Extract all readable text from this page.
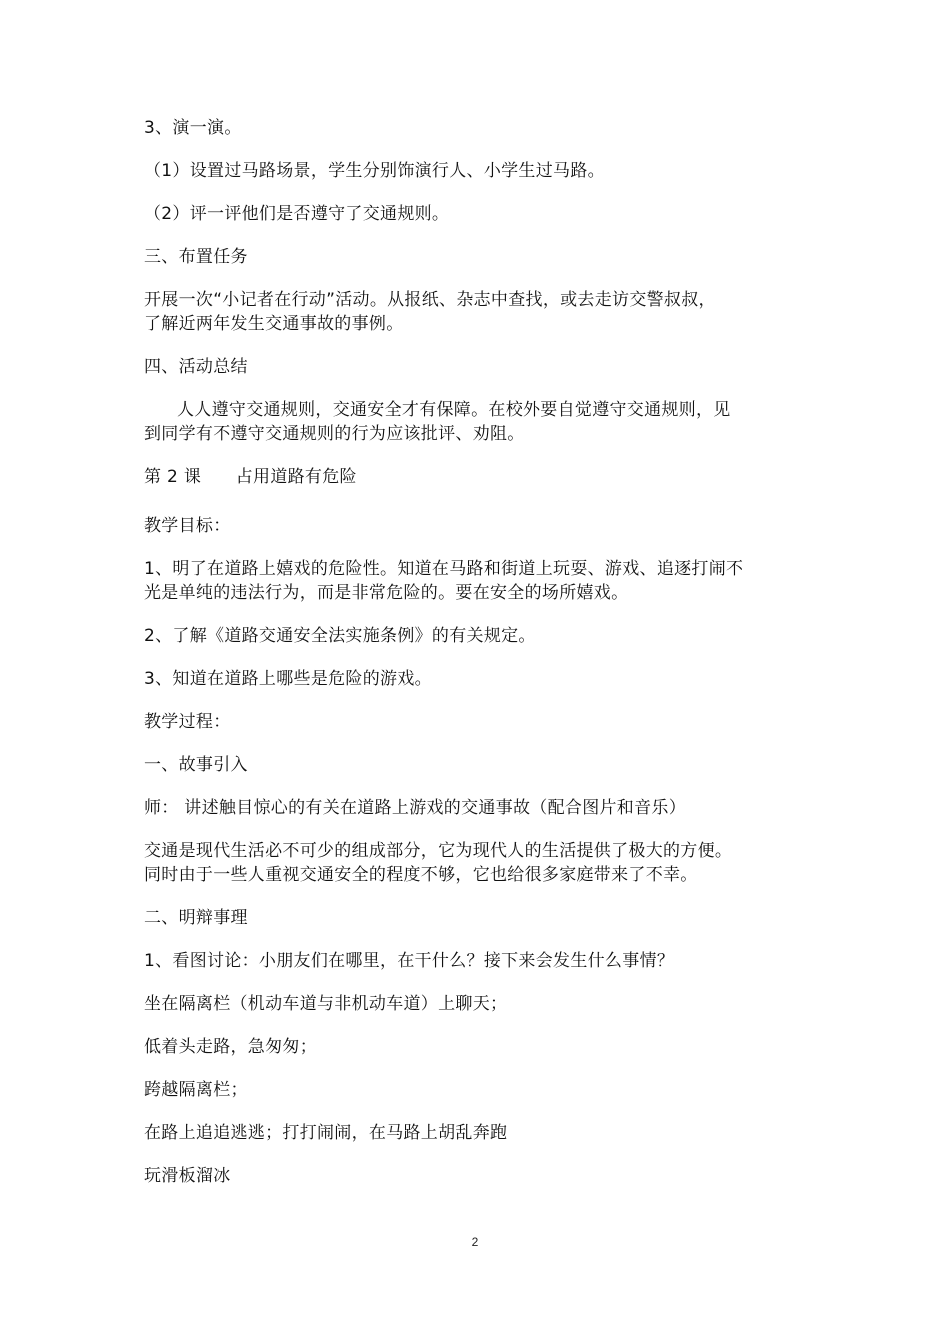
3、演一演。
（1）设置过马路场景，学生分别饰演行人、小学生过马路。
（2）评一评他们是否遵守了交通规则。
三、布置任务
开展一次“小记者在行动”活动。从报纸、杂志中查找，或去走访交警叔叔，
了解近两年发生交通事故的事例。
四、活动总结
人人遵守交通规则，交通安全才有保障。在校外要自觉遵守交通规则，见
到同学有不遵守交通规则的行为应该批评、劝阻。
第 2 课　　占用道路有危险
教学目标：
1、明了在道路上嬉戏的危险性。知道在马路和街道上玩耍、游戏、追逐打闹不
光是单纯的违法行为，而是非常危险的。要在安全的场所嬉戏。
2、了解《道路交通安全法实施条例》的有关规定。
3、知道在道路上哪些是危险的游戏。
教学过程：
一、故事引入
师： 讲述触目惊心的有关在道路上游戏的交通事故（配合图片和音乐）
交通是现代生活必不可少的组成部分，它为现代人的生活提供了极大的方便。
同时由于一些人重视交通安全的程度不够，它也给很多家庭带来了不幸。
二、明辩事理
1、看图讨论：小朋友们在哪里，在干什么？接下来会发生什么事情？
坐在隔离栏（机动车道与非机动车道）上聊天；
低着头走路，急匆匆；
跨越隔离栏；
在路上追追逃逃；打打闹闹，在马路上胡乱奔跑
玩滑板溜冰
2
